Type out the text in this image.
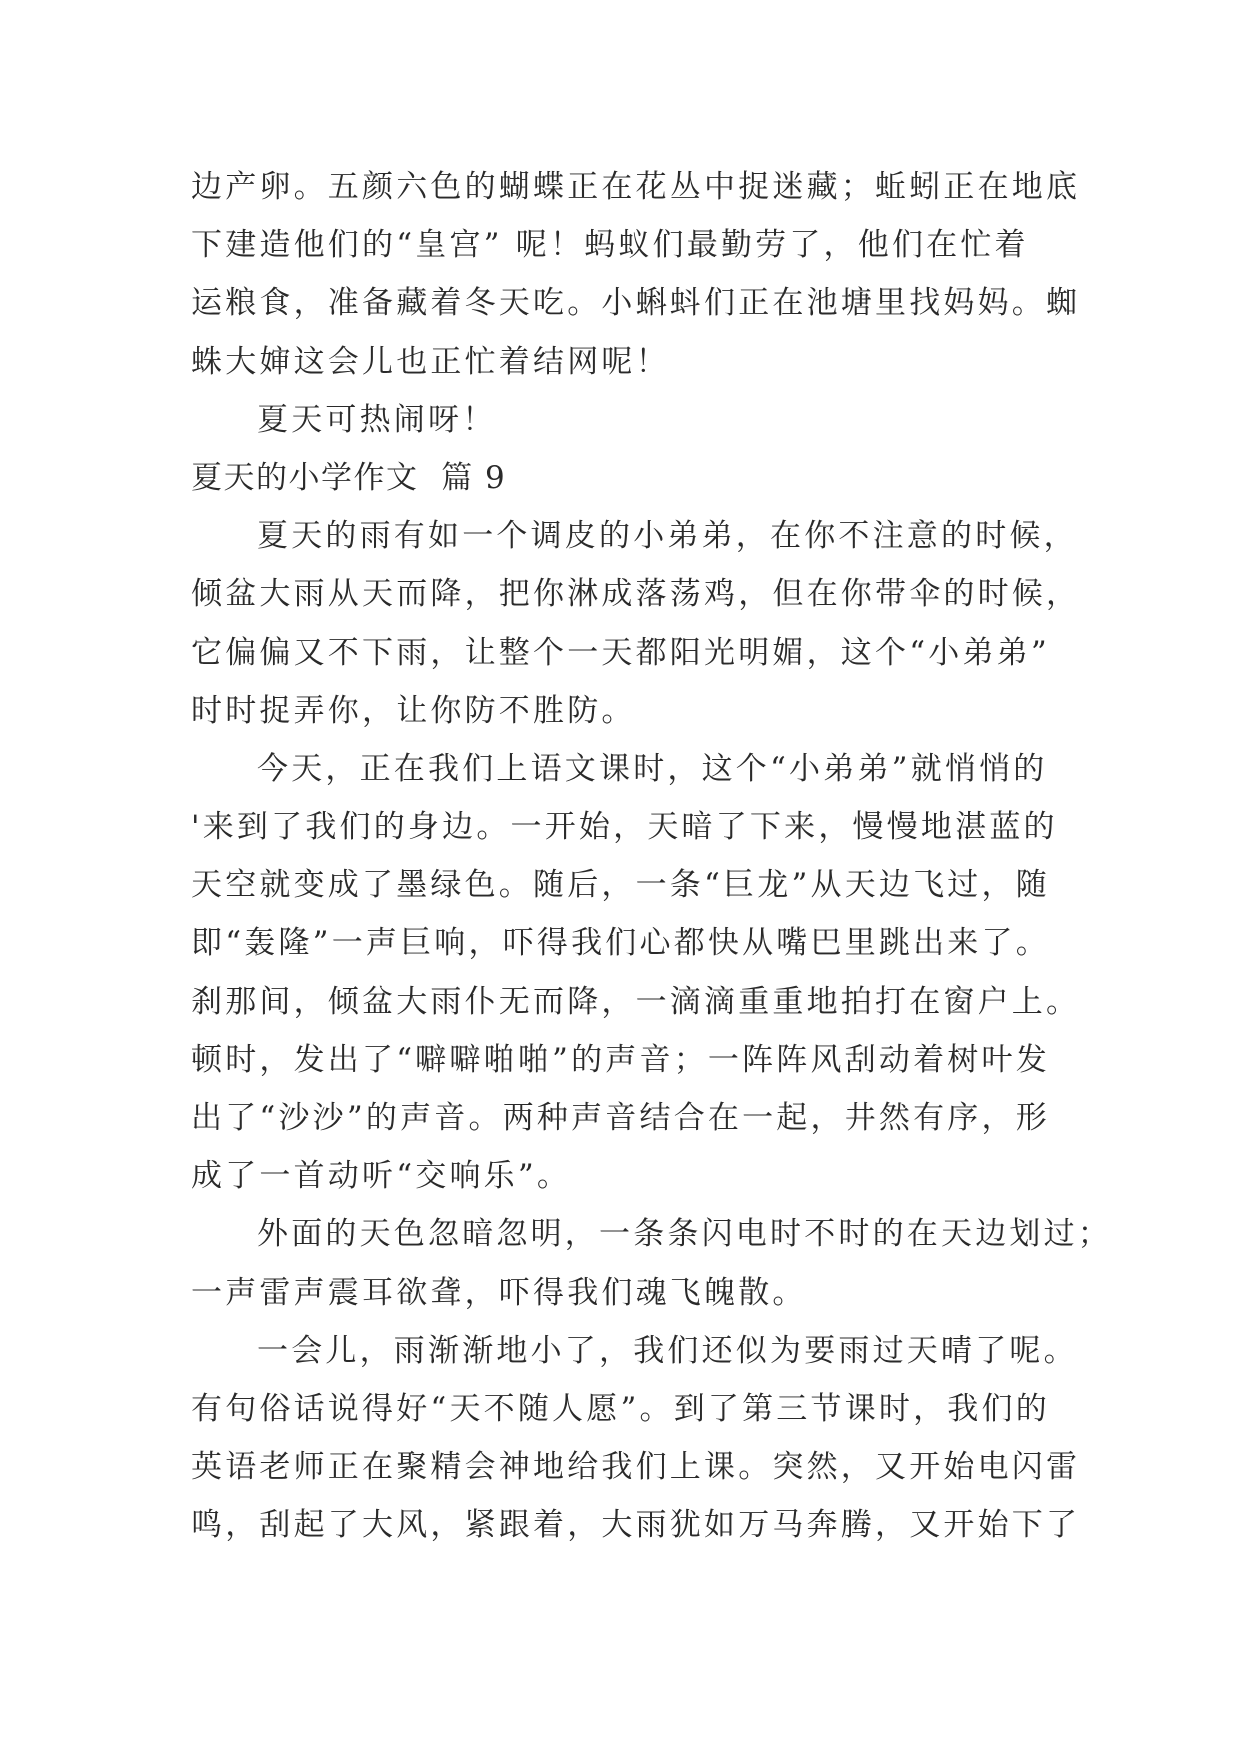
边产卵。五颜六色的蝴蝶正在花丛中捉迷藏；蚯蚓正在地底
下建造他们的“皇宫” 呢！蚂蚁们最勤劳了，他们在忙着
运粮食，准备藏着冬天吃。小蝌蚪们正在池塘里找妈妈。蜘
蛛大婶这会儿也正忙着结网呢！
夏天可热闹呀！
夏天的小学作文  篇 9
夏天的雨有如一个调皮的小弟弟，在你不注意的时候，
倾盆大雨从天而降，把你淋成落荡鸡，但在你带伞的时候，
它偏偏又不下雨，让整个一天都阳光明媚，这个“小弟弟”
时时捉弄你，让你防不胜防。
今天，正在我们上语文课时，这个“小弟弟”就悄悄的
'来到了我们的身边。一开始，天暗了下来，慢慢地湛蓝的
天空就变成了墨绿色。随后，一条“巨龙”从天边飞过，随
即“轰隆”一声巨响，吓得我们心都快从嘴巴里跳出来了。
刹那间，倾盆大雨仆无而降，一滴滴重重地拍打在窗户上。
顿时，发出了“噼噼啪啪”的声音；一阵阵风刮动着树叶发
出了“沙沙”的声音。两种声音结合在一起，井然有序，形
成了一首动听“交响乐”。
外面的天色忽暗忽明，一条条闪电时不时的在天边划过；
一声雷声震耳欲聋，吓得我们魂飞魄散。
一会儿，雨渐渐地小了，我们还似为要雨过天晴了呢。
有句俗话说得好“天不随人愿”。到了第三节课时，我们的
英语老师正在聚精会神地给我们上课。突然，又开始电闪雷
鸣，刮起了大风，紧跟着，大雨犹如万马奔腾，又开始下了
